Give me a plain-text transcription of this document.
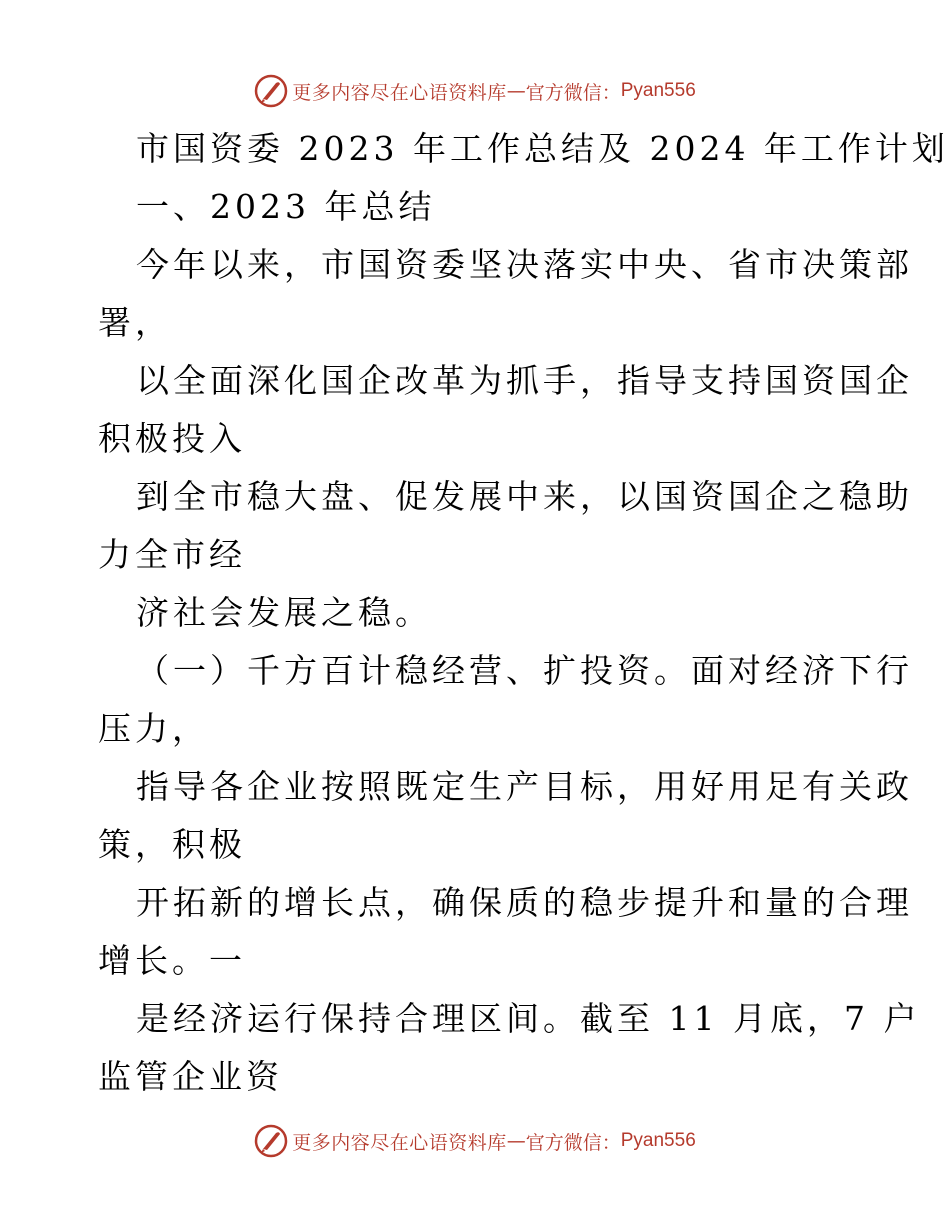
更多内容尽在心语资料库 — 官方微信： Pyan556
市国资委 2023 年工作总结及 2024 年工作计划
一、2023 年总结
今年以来，市国资委坚决落实中央、省市决策部
署，
以全面深化国企改革为抓手，指导支持国资国企
积极投入
到全市稳大盘、促发展中来，以国资国企之稳助
力全市经
济社会发展之稳。
（一）千方百计稳经营、扩投资。面对经济下行
压力，
指导各企业按照既定生产目标，用好用足有关政
策，积极
开拓新的增长点，确保质的稳步提升和量的合理
增长。一
是经济运行保持合理区间。截至 11 月底，7 户
监管企业资
更多内容尽在心语资料库 — 官方微信： Pyan556
